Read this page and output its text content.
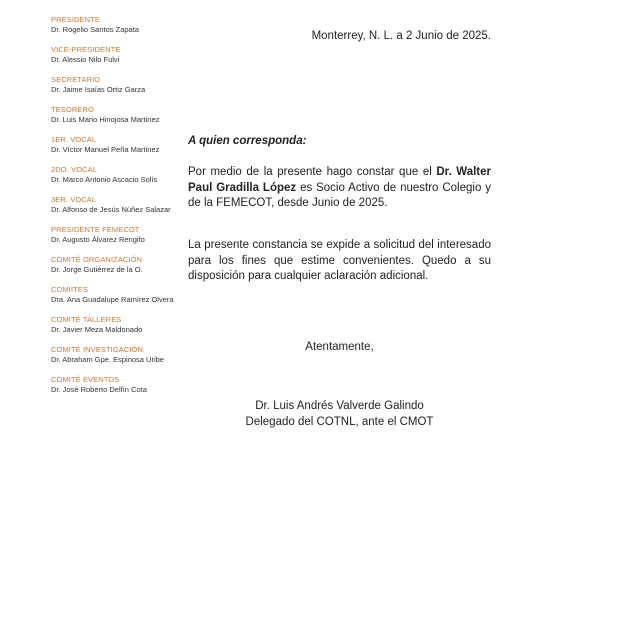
PRESIDENTE
Dr. Rogelio Santos Zapata
VICE-PRESIDENTE
Dr. Alessio Nilo Fulvi
SECRETARIO
Dr. Jaime Isaías Ortiz Garza
TESORERO
Dr. Luis Mario Hinojosa Martinez
1ER. VOCAL
Dr. Víctor Manuel Peña Martinez
2DO. VOCAL
Dr. Marco Antonio Ascacio Solís
3ER. VOCAL
Dr. Alfonso de Jesús Núñez Salazar
PRESIDENTE FEMECOT
Dr. Augusto Álvarez Rengifo
COMITÉ ORGANIZACIÓN
Dr. Jorge Gutiérrez de la O.
COMIITES
Dra. Ana Guadalupe Ramírez Olvera
COMITÉ TALLERES
Dr. Javier Meza Maldonado
COMITÉ INVESTIGACIÓN
Dr. Abraham Gpe. Espinosa Uribe
COMITÉ EVENTOS
Dr. José Roberto Delfín Cota
Monterrey, N. L. a 2 Junio de 2025.
A quien corresponda:
Por medio de la presente hago constar que el Dr. Walter Paul Gradilla López es Socio Activo de nuestro Colegio y de la FEMECOT, desde Junio de 2025.
La presente constancia se expide a solicitud del interesado para los fines que estime convenientes. Quedo a su disposición para cualquier aclaración adicional.
Atentamente,
Dr. Luis Andrés Valverde Galindo
Delegado del COTNL, ante el CMOT
